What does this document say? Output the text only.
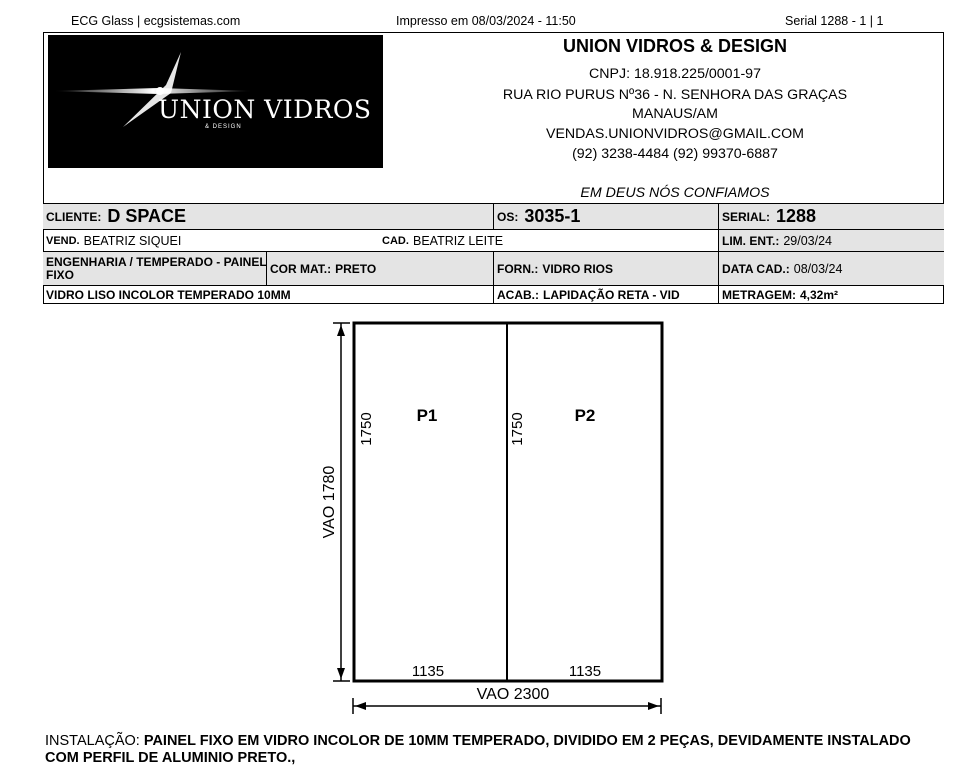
ECG Glass | ecgsistemas.com	Impresso em 08/03/2024 - 11:50	Serial 1288 - 1 | 1
UNION VIDROS
& DESIGN
UNION VIDROS & DESIGN
CNPJ: 18.918.225/0001-97
RUA RIO PURUS Nº36 - N. SENHORA DAS GRAÇAS
MANAUS/AM
VENDAS.UNIONVIDROS@GMAIL.COM
(92) 3238-4484 (92) 99370-6887
EM DEUS NÓS CONFIAMOS
CLIENTE: D SPACE	OS: 3035-1	SERIAL: 1288
VEND. BEATRIZ SIQUEI	CAD. BEATRIZ LEITE	LIM. ENT.: 29/03/24
ENGENHARIA / TEMPERADO - PAINEL FIXO	COR MAT.: PRETO	FORN.: VIDRO RIOS	DATA CAD.: 08/03/24
VIDRO LISO INCOLOR TEMPERADO 10MM	ACAB.: LAPIDAÇÃO RETA - VID	METRAGEM: 4,32m²
P1	P2
1750	1750
1135	1135
VAO 1780
VAO 2300
INSTALAÇÃO: PAINEL FIXO EM VIDRO INCOLOR DE 10MM TEMPERADO, DIVIDIDO EM 2 PEÇAS, DEVIDAMENTE INSTALADO COM PERFIL DE ALUMINIO PRETO.,
